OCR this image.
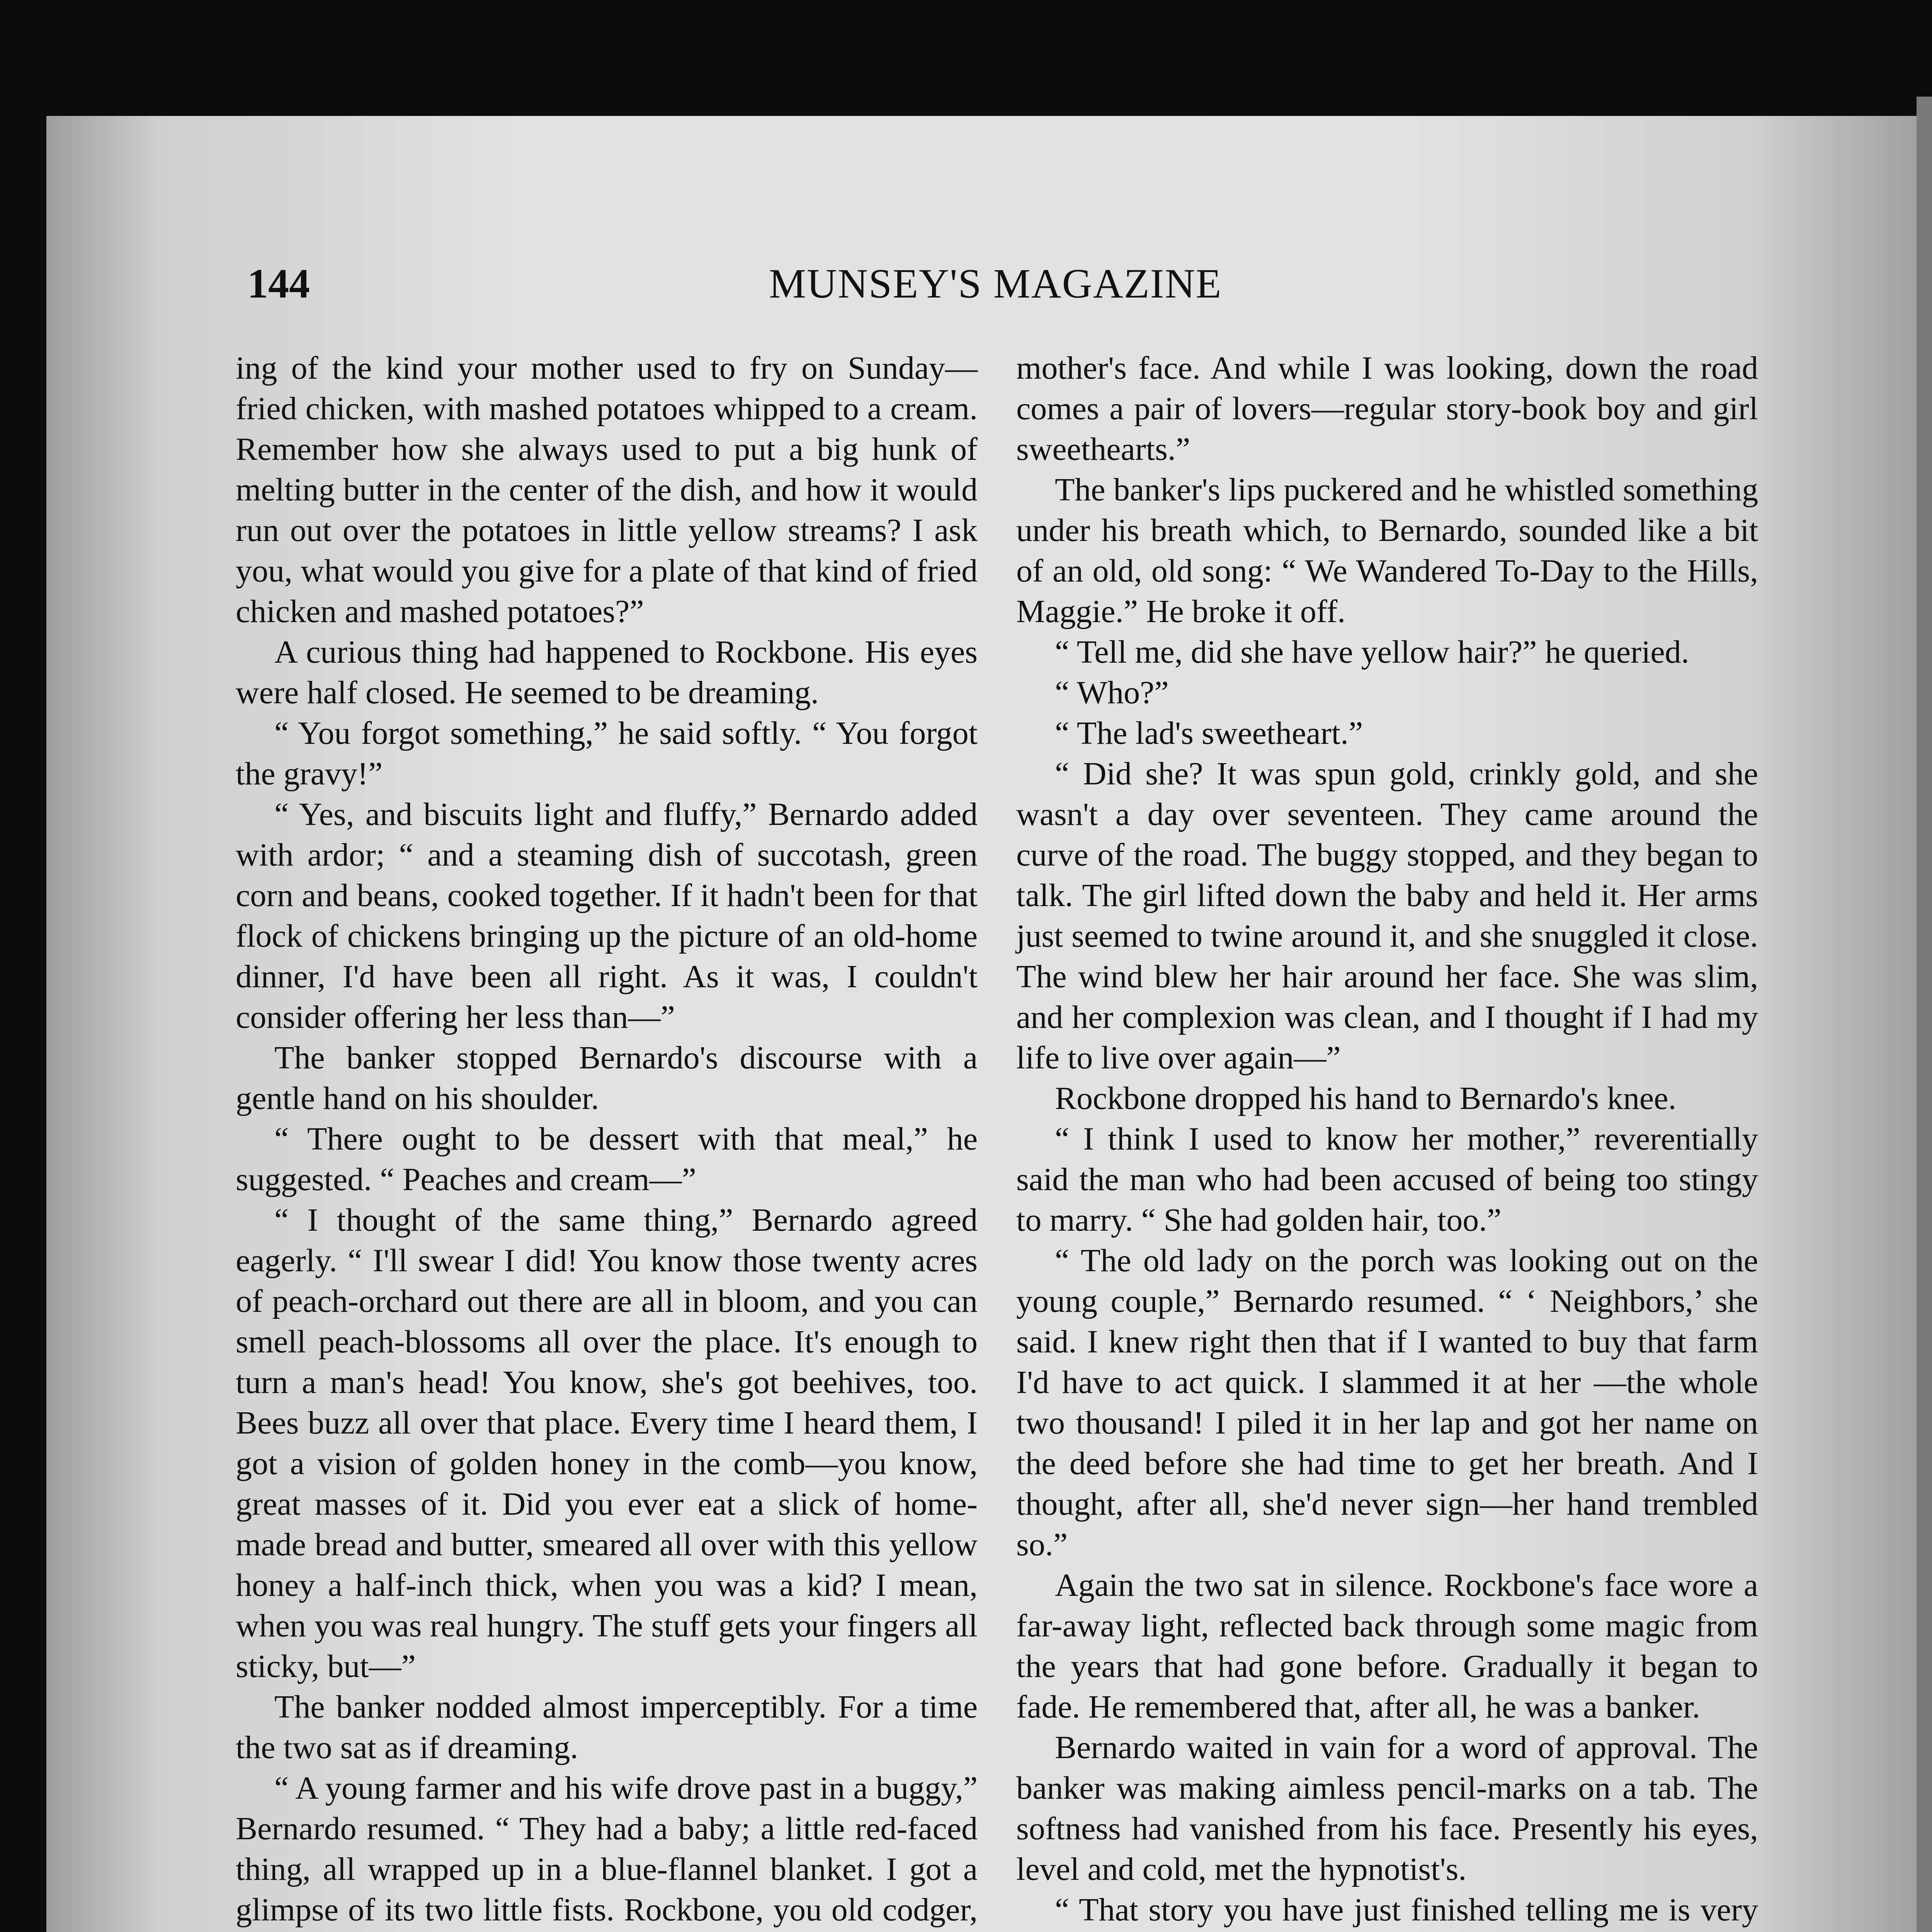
144	MUNSEY'S MAGAZINE

ing of the kind your mother used to fry on Sunday—fried chicken, with mashed potatoes whipped to a cream. Remember how she always used to put a big hunk of melting butter in the center of the dish, and how it would run out over the potatoes in little yellow streams? I ask you, what would you give for a plate of that kind of fried chicken and mashed potatoes?”

A curious thing had happened to Rockbone. His eyes were half closed. He seemed to be dreaming.

“ You forgot something,” he said softly. “ You forgot the gravy!”

“ Yes, and biscuits light and fluffy,” Bernardo added with ardor; “ and a steaming dish of succotash, green corn and beans, cooked together. If it hadn't been for that flock of chickens bringing up the picture of an old-home dinner, I'd have been all right. As it was, I couldn't consider offering her less than—”

The banker stopped Bernardo's discourse with a gentle hand on his shoulder.

“ There ought to be dessert with that meal,” he suggested. “ Peaches and cream—”

“ I thought of the same thing,” Bernardo agreed eagerly. “ I'll swear I did! You know those twenty acres of peach-orchard out there are all in bloom, and you can smell peach-blossoms all over the place. It's enough to turn a man's head! You know, she's got beehives, too. Bees buzz all over that place. Every time I heard them, I got a vision of golden honey in the comb—you know, great masses of it. Did you ever eat a slick of home-made bread and butter, smeared all over with this yellow honey a half-inch thick, when you was a kid? I mean, when you was real hungry. The stuff gets your fingers all sticky, but—”

The banker nodded almost imperceptibly. For a time the two sat as if dreaming.

“ A young farmer and his wife drove past in a buggy,” Bernardo resumed. “ They had a baby; a little red-faced thing, all wrapped up in a blue-flannel blanket. I got a glimpse of its two little fists. Rockbone, you old codger,

mother's face. And while I was looking, down the road comes a pair of lovers—regular story-book boy and girl sweethearts.”

The banker's lips puckered and he whistled something under his breath which, to Bernardo, sounded like a bit of an old, old song: “ We Wandered To-Day to the Hills, Maggie.” He broke it off.

“ Tell me, did she have yellow hair?” he queried.

“ Who?”

“ The lad's sweetheart.”

“ Did she? It was spun gold, crinkly gold, and she wasn't a day over seventeen. They came around the curve of the road. The buggy stopped, and they began to talk. The girl lifted down the baby and held it. Her arms just seemed to twine around it, and she snuggled it close. The wind blew her hair around her face. She was slim, and her complexion was clean, and I thought if I had my life to live over again—”

Rockbone dropped his hand to Bernardo's knee.

“ I think I used to know her mother,” reverentially said the man who had been accused of being too stingy to marry. “ She had golden hair, too.”

“ The old lady on the porch was looking out on the young couple,” Bernardo resumed. “ ‘ Neighbors,’ she said. I knew right then that if I wanted to buy that farm I'd have to act quick. I slammed it at her —the whole two thousand! I piled it in her lap and got her name on the deed before she had time to get her breath. And I thought, after all, she'd never sign—her hand trembled so.”

Again the two sat in silence. Rockbone's face wore a far-away light, reflected back through some magic from the years that had gone before. Gradually it began to fade. He remembered that, after all, he was a banker.

Bernardo waited in vain for a word of approval. The banker was making aimless pencil-marks on a tab. The softness had vanished from his face. Presently his eyes, level and cold, met the hypnotist's.

“ That story you have just finished telling me is very
